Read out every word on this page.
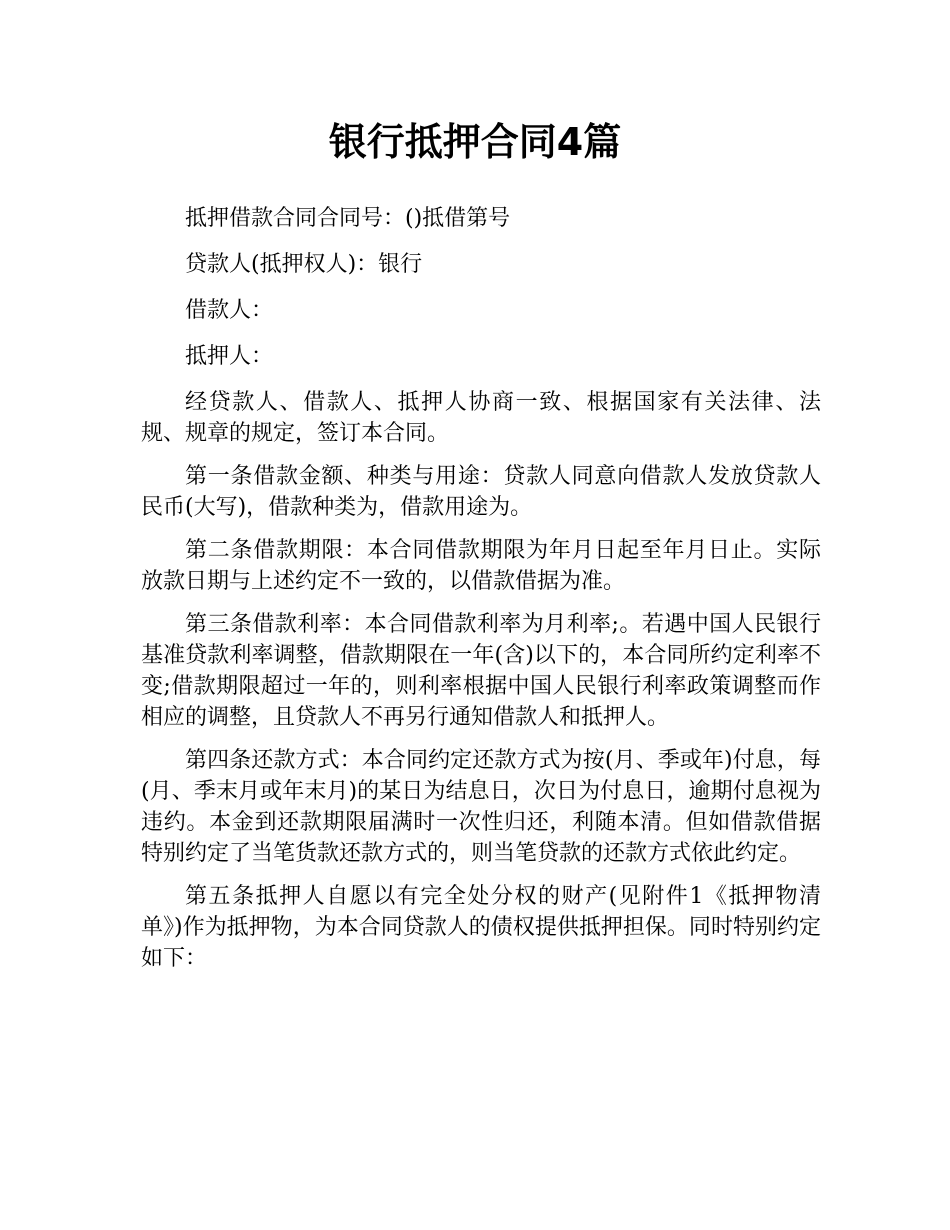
银行抵押合同4篇

抵押借款合同合同号：()抵借第号

贷款人(抵押权人)：银行

借款人：

抵押人：

经贷款人、借款人、抵押人协商一致、根据国家有关法律、法规、规章的规定，签订本合同。

第一条借款金额、种类与用途：贷款人同意向借款人发放贷款人民币(大写)，借款种类为，借款用途为。

第二条借款期限：本合同借款期限为年月日起至年月日止。实际放款日期与上述约定不一致的，以借款借据为准。

第三条借款利率：本合同借款利率为月利率;。若遇中国人民银行基准贷款利率调整，借款期限在一年(含)以下的，本合同所约定利率不变;借款期限超过一年的，则利率根据中国人民银行利率政策调整而作相应的调整，且贷款人不再另行通知借款人和抵押人。

第四条还款方式：本合同约定还款方式为按(月、季或年)付息，每(月、季末月或年末月)的某日为结息日，次日为付息日，逾期付息视为违约。本金到还款期限届满时一次性归还，利随本清。但如借款借据特别约定了当笔货款还款方式的，则当笔贷款的还款方式依此约定。

第五条抵押人自愿以有完全处分权的财产(见附件1《抵押物清单》)作为抵押物，为本合同贷款人的债权提供抵押担保。同时特别约定如下：
